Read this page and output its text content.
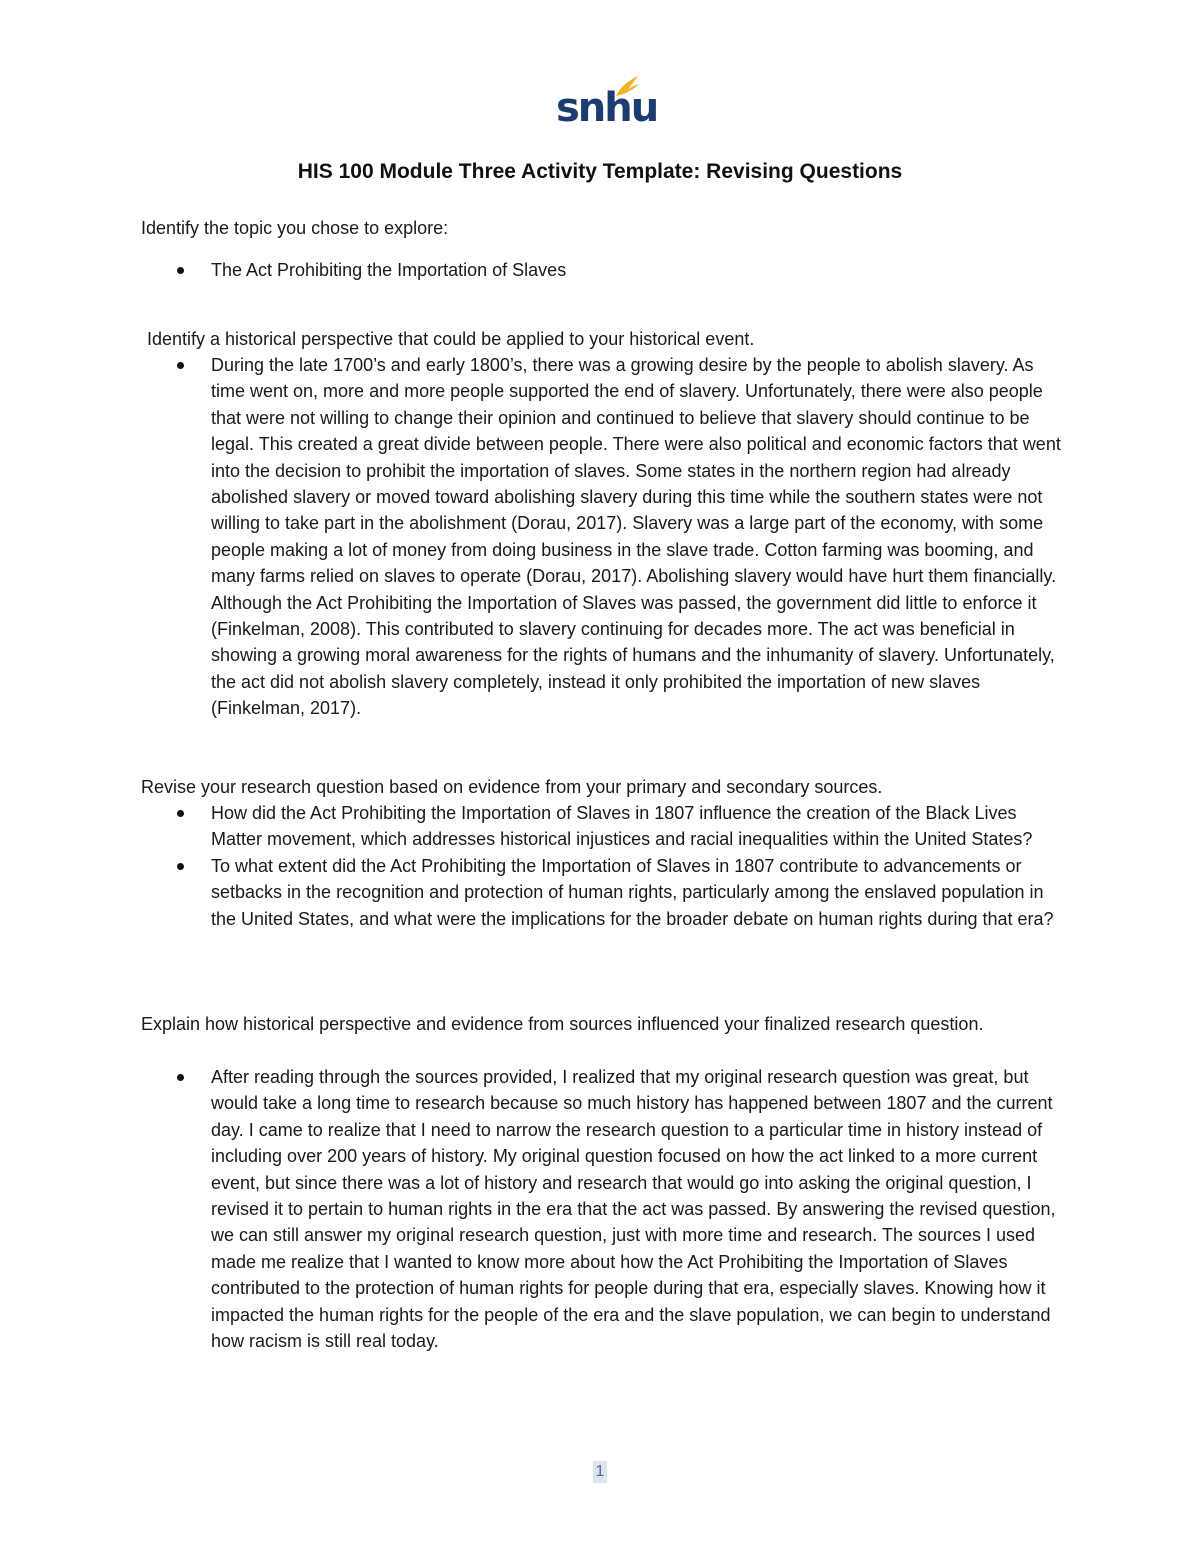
snhu
HIS 100 Module Three Activity Template: Revising Questions
Identify the topic you chose to explore:
The Act Prohibiting the Importation of Slaves
Identify a historical perspective that could be applied to your historical event.
During the late 1700’s and early 1800’s, there was a growing desire by the people to abolish slavery. As time went on, more and more people supported the end of slavery. Unfortunately, there were also people that were not willing to change their opinion and continued to believe that slavery should continue to be legal. This created a great divide between people. There were also political and economic factors that went into the decision to prohibit the importation of slaves. Some states in the northern region had already abolished slavery or moved toward abolishing slavery during this time while the southern states were not willing to take part in the abolishment (Dorau, 2017). Slavery was a large part of the economy, with some people making a lot of money from doing business in the slave trade. Cotton farming was booming, and many farms relied on slaves to operate (Dorau, 2017). Abolishing slavery would have hurt them financially. Although the Act Prohibiting the Importation of Slaves was passed, the government did little to enforce it (Finkelman, 2008). This contributed to slavery continuing for decades more. The act was beneficial in showing a growing moral awareness for the rights of humans and the inhumanity of slavery. Unfortunately, the act did not abolish slavery completely, instead it only prohibited the importation of new slaves (Finkelman, 2017).
Revise your research question based on evidence from your primary and secondary sources.
How did the Act Prohibiting the Importation of Slaves in 1807 influence the creation of the Black Lives Matter movement, which addresses historical injustices and racial inequalities within the United States?
To what extent did the Act Prohibiting the Importation of Slaves in 1807 contribute to advancements or setbacks in the recognition and protection of human rights, particularly among the enslaved population in the United States, and what were the implications for the broader debate on human rights during that era?
Explain how historical perspective and evidence from sources influenced your finalized research question.
After reading through the sources provided, I realized that my original research question was great, but would take a long time to research because so much history has happened between 1807 and the current day. I came to realize that I need to narrow the research question to a particular time in history instead of including over 200 years of history. My original question focused on how the act linked to a more current event, but since there was a lot of history and research that would go into asking the original question, I revised it to pertain to human rights in the era that the act was passed. By answering the revised question, we can still answer my original research question, just with more time and research. The sources I used made me realize that I wanted to know more about how the Act Prohibiting the Importation of Slaves contributed to the protection of human rights for people during that era, especially slaves. Knowing how it impacted the human rights for the people of the era and the slave population, we can begin to understand how racism is still real today.
1
